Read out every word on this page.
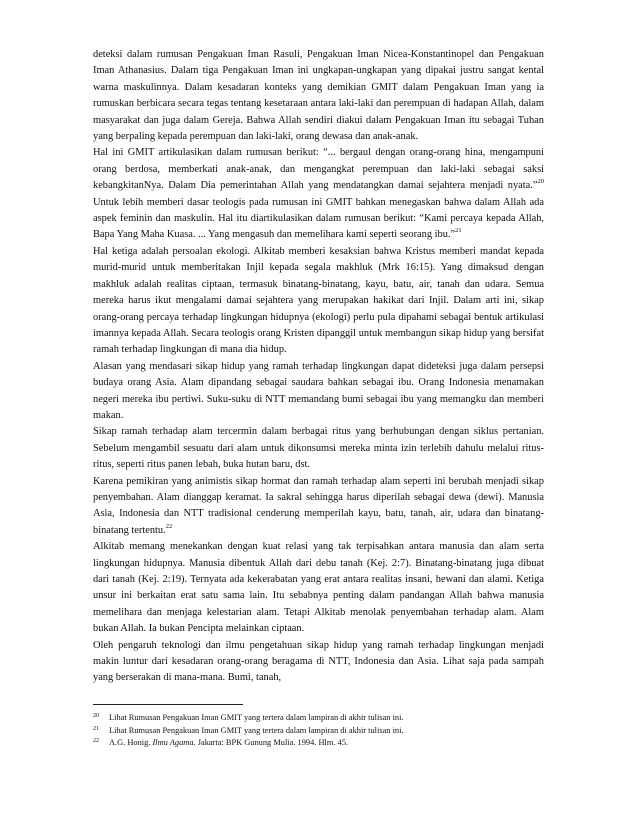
deteksi dalam rumusan Pengakuan Iman Rasuli, Pengakuan Iman Nicea-Konstantinopel dan Pengakuan Iman Athanasius. Dalam tiga Pengakuan Iman ini ungkapan-ungkapan yang dipakai justru sangat kental warna maskulinnya. Dalam kesadaran konteks yang demikian GMIT dalam Pengakuan Iman yang ia rumuskan berbicara secara tegas tentang kesetaraan antara laki-laki dan perempuan di hadapan Allah, dalam masyarakat dan juga dalam Gereja. Bahwa Allah sendiri diakui dalam Pengakuan Iman itu sebagai Tuhan yang berpaling kepada perempuan dan laki-laki, orang dewasa dan anak-anak.

Hal ini GMIT artikulasikan dalam rumusan berikut: “... bergaul dengan orang-orang hina, mengampuni orang berdosa, memberkati anak-anak, dan mengangkat perempuan dan laki-laki sebagai saksi kebangkitanNya. Dalam Dia pemerintahan Allah yang mendatangkan damai sejahtera menjadi nyata.”$^{20}$ Untuk lebih memberi dasar teologis pada rumusan ini GMIT bahkan menegaskan bahwa dalam Allah ada aspek feminin dan maskulin. Hal itu diartikulasikan dalam rumusan berikut: “Kami percaya kepada Allah, Bapa Yang Maha Kuasa. ... Yang mengasuh dan memelihara kami seperti seorang ibu.”$^{21}$

Hal ketiga adalah persoalan ekologi. Alkitab memberi kesaksian bahwa Kristus memberi mandat kepada murid-murid untuk memberitakan Injil kepada segala makhluk (Mrk 16:15). Yang dimaksud dengan makhluk adalah realitas ciptaan, termasuk binatang-binatang, kayu, batu, air, tanah dan udara. Semua mereka harus ikut mengalami damai sejahtera yang merupakan hakikat dari Injil. Dalam arti ini, sikap orang-orang percaya terhadap lingkungan hidupnya (ekologi) perlu pula dipahami sebagai bentuk artikulasi imannya kepada Allah. Secara teologis orang Kristen dipanggil untuk membangun sikap hidup yang bersifat ramah terhadap lingkungan di mana dia hidup.

Alasan yang mendasari sikap hidup yang ramah terhadap lingkungan dapat dideteksi juga dalam persepsi budaya orang Asia. Alam dipandang sebagai saudara bahkan sebagai ibu. Orang Indonesia menamakan negeri mereka ibu pertiwi. Suku-suku di NTT memandang bumi sebagai ibu yang memangku dan memberi makan.

Sikap ramah terhadap alam tercermin dalam berbagai ritus yang berhubungan dengan siklus pertanian. Sebelum mengambil sesuatu dari alam untuk dikonsumsi mereka minta izin terlebih dahulu melalui ritus-ritus, seperti ritus panen lebah, buka hutan baru, dst.

Karena pemikiran yang animistis sikap hormat dan ramah terhadap alam seperti ini berubah menjadi sikap penyembahan. Alam dianggap keramat. Ia sakral sehingga harus diperilah sebagai dewa (dewi). Manusia Asia, Indonesia dan NTT tradisional cenderung memperilah kayu, batu, tanah, air, udara dan binatang-binatang tertentu.$^{22}$

Alkitab memang menekankan dengan kuat relasi yang tak terpisahkan antara manusia dan alam serta lingkungan hidupnya. Manusia dibentuk Allah dari debu tanah (Kej. 2:7). Binatang-binatang juga dibuat dari tanah (Kej. 2:19). Ternyata ada kekerabatan yang erat antara realitas insani, hewani dan alami. Ketiga unsur ini berkaitan erat satu sama lain. Itu sebabnya penting dalam pandangan Allah bahwa manusia memelihara dan menjaga kelestarian alam. Tetapi Alkitab menolak penyembahan terhadap alam. Alam bukan Allah. Ia bukan Pencipta melainkan ciptaan.

Oleh pengaruh teknologi dan ilmu pengetahuan sikap hidup yang ramah terhadap lingkungan menjadi makin luntur dari kesadaran orang-orang beragama di NTT, Indonesia dan Asia. Lihat saja pada sampah yang berserakan di mana-mana. Bumi, tanah,

20 Lihat Rumusan Pengakuan Iman GMIT yang tertera dalam lampiran di akhir tulisan ini.

21 Lihat Rumusan Pengakuan Iman GMIT yang tertera dalam lampiran di akhir tulisan ini.

22 A.G. Honig. Ilmu Agama. Jakarta: BPK Gunung Mulia. 1994. Hlm. 45.
